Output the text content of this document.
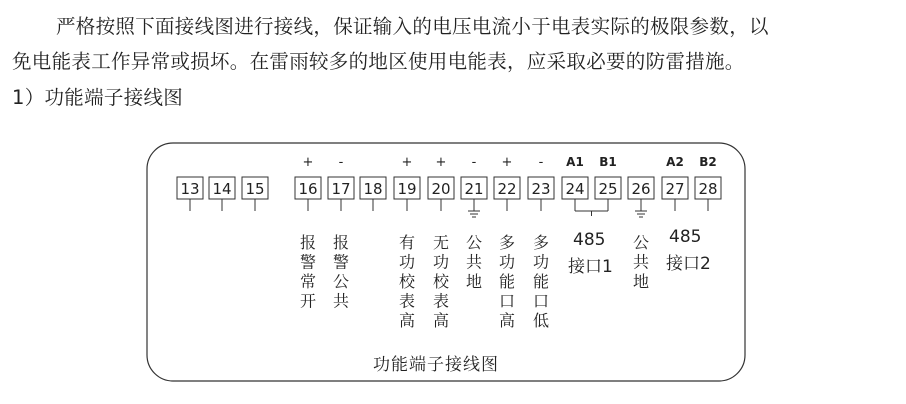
严格按照下面接线图进行接线，保证输入的电压电流小于电表实际的极限参数，以
免电能表工作异常或损坏。在雷雨较多的地区使用电能表，应采取必要的防雷措施。
1）功能端子接线图
13 14 15 16 17 18 19 20 21 22 23 24 25 26 27 28
+ -	+ + - + - A1 B1	A2 B2
报
警
常
开
报
警
公
共
有
功
校
表
高
无
功
校
表
高
公
共
地
多
功
能
口
高
多
功
能
口
低
公
共
地
485
接口1
485
接口2
功能端子接线图
